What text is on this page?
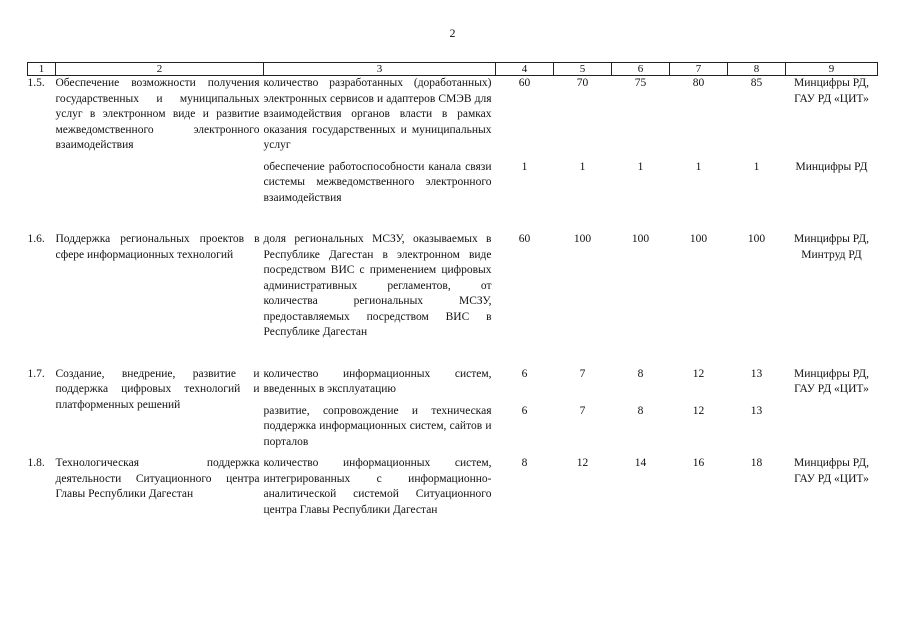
2
1	2	3	4	5	6	7	8	9
1.5.	Обеспечение возможности получения государственных и муниципальных услуг в электронном виде и развитие межведомственного электронного взаимодействия	количество разработанных (доработанных) электронных сервисов и адаптеров СМЭВ для взаимодействия органов власти в рамках оказания государственных и муниципальных услуг	60	70	75	80	85	Минцифры РД, ГАУ РД «ЦИТ»
		обеспечение работоспособности канала связи системы межведомственного электронного взаимодействия	1	1	1	1	1	Минцифры РД

1.6.	Поддержка региональных проектов в сфере информационных технологий	доля региональных МСЗУ, оказываемых в Республике Дагестан в электронном виде посредством ВИС с применением цифровых административных регламентов, от количества региональных МСЗУ, предоставляемых посредством ВИС в Республике Дагестан	60	100	100	100	100	Минцифры РД, Минтруд РД

1.7.	Создание, внедрение, развитие и поддержка цифровых технологий и платформенных решений	количество информационных систем, введенных в эксплуатацию	6	7	8	12	13	Минцифры РД, ГАУ РД «ЦИТ»
		развитие, сопровождение и техническая поддержка информационных систем, сайтов и порталов	6	7	8	12	13	

1.8.	Технологическая поддержка деятельности Ситуационного центра Главы Республики Дагестан	количество информационных систем, интегрированных с информационно-аналитической системой Ситуационного центра Главы Республики Дагестан	8	12	14	16	18	Минцифры РД, ГАУ РД «ЦИТ»
